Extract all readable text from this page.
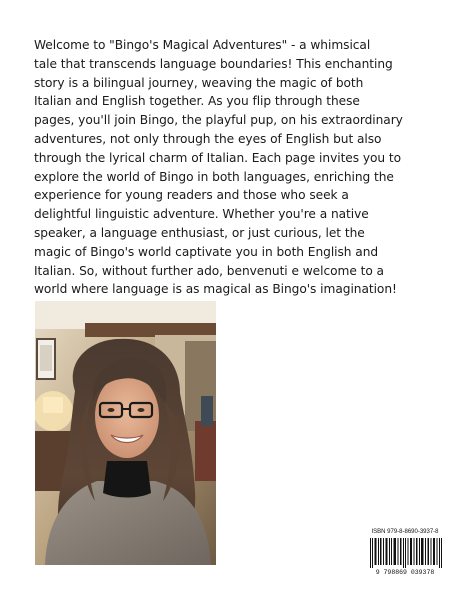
Welcome to "Bingo's Magical Adventures" - a whimsical
tale that transcends language boundaries! This enchanting
story is a bilingual journey, weaving the magic of both
Italian and English together. As you flip through these
pages, you'll join Bingo, the playful pup, on his extraordinary
adventures, not only through the eyes of English but also
through the lyrical charm of Italian. Each page invites you to
explore the world of Bingo in both languages, enriching the
experience for young readers and those who seek a
delightful linguistic adventure. Whether you're a native
speaker, a language enthusiast, or just curious, let the
magic of Bingo's world captivate you in both English and
Italian. So, without further ado, benvenuti e welcome to a
world where language is as magical as Bingo's imagination!

ISBN 979-8-8690-3937-8
9 798869 039378
